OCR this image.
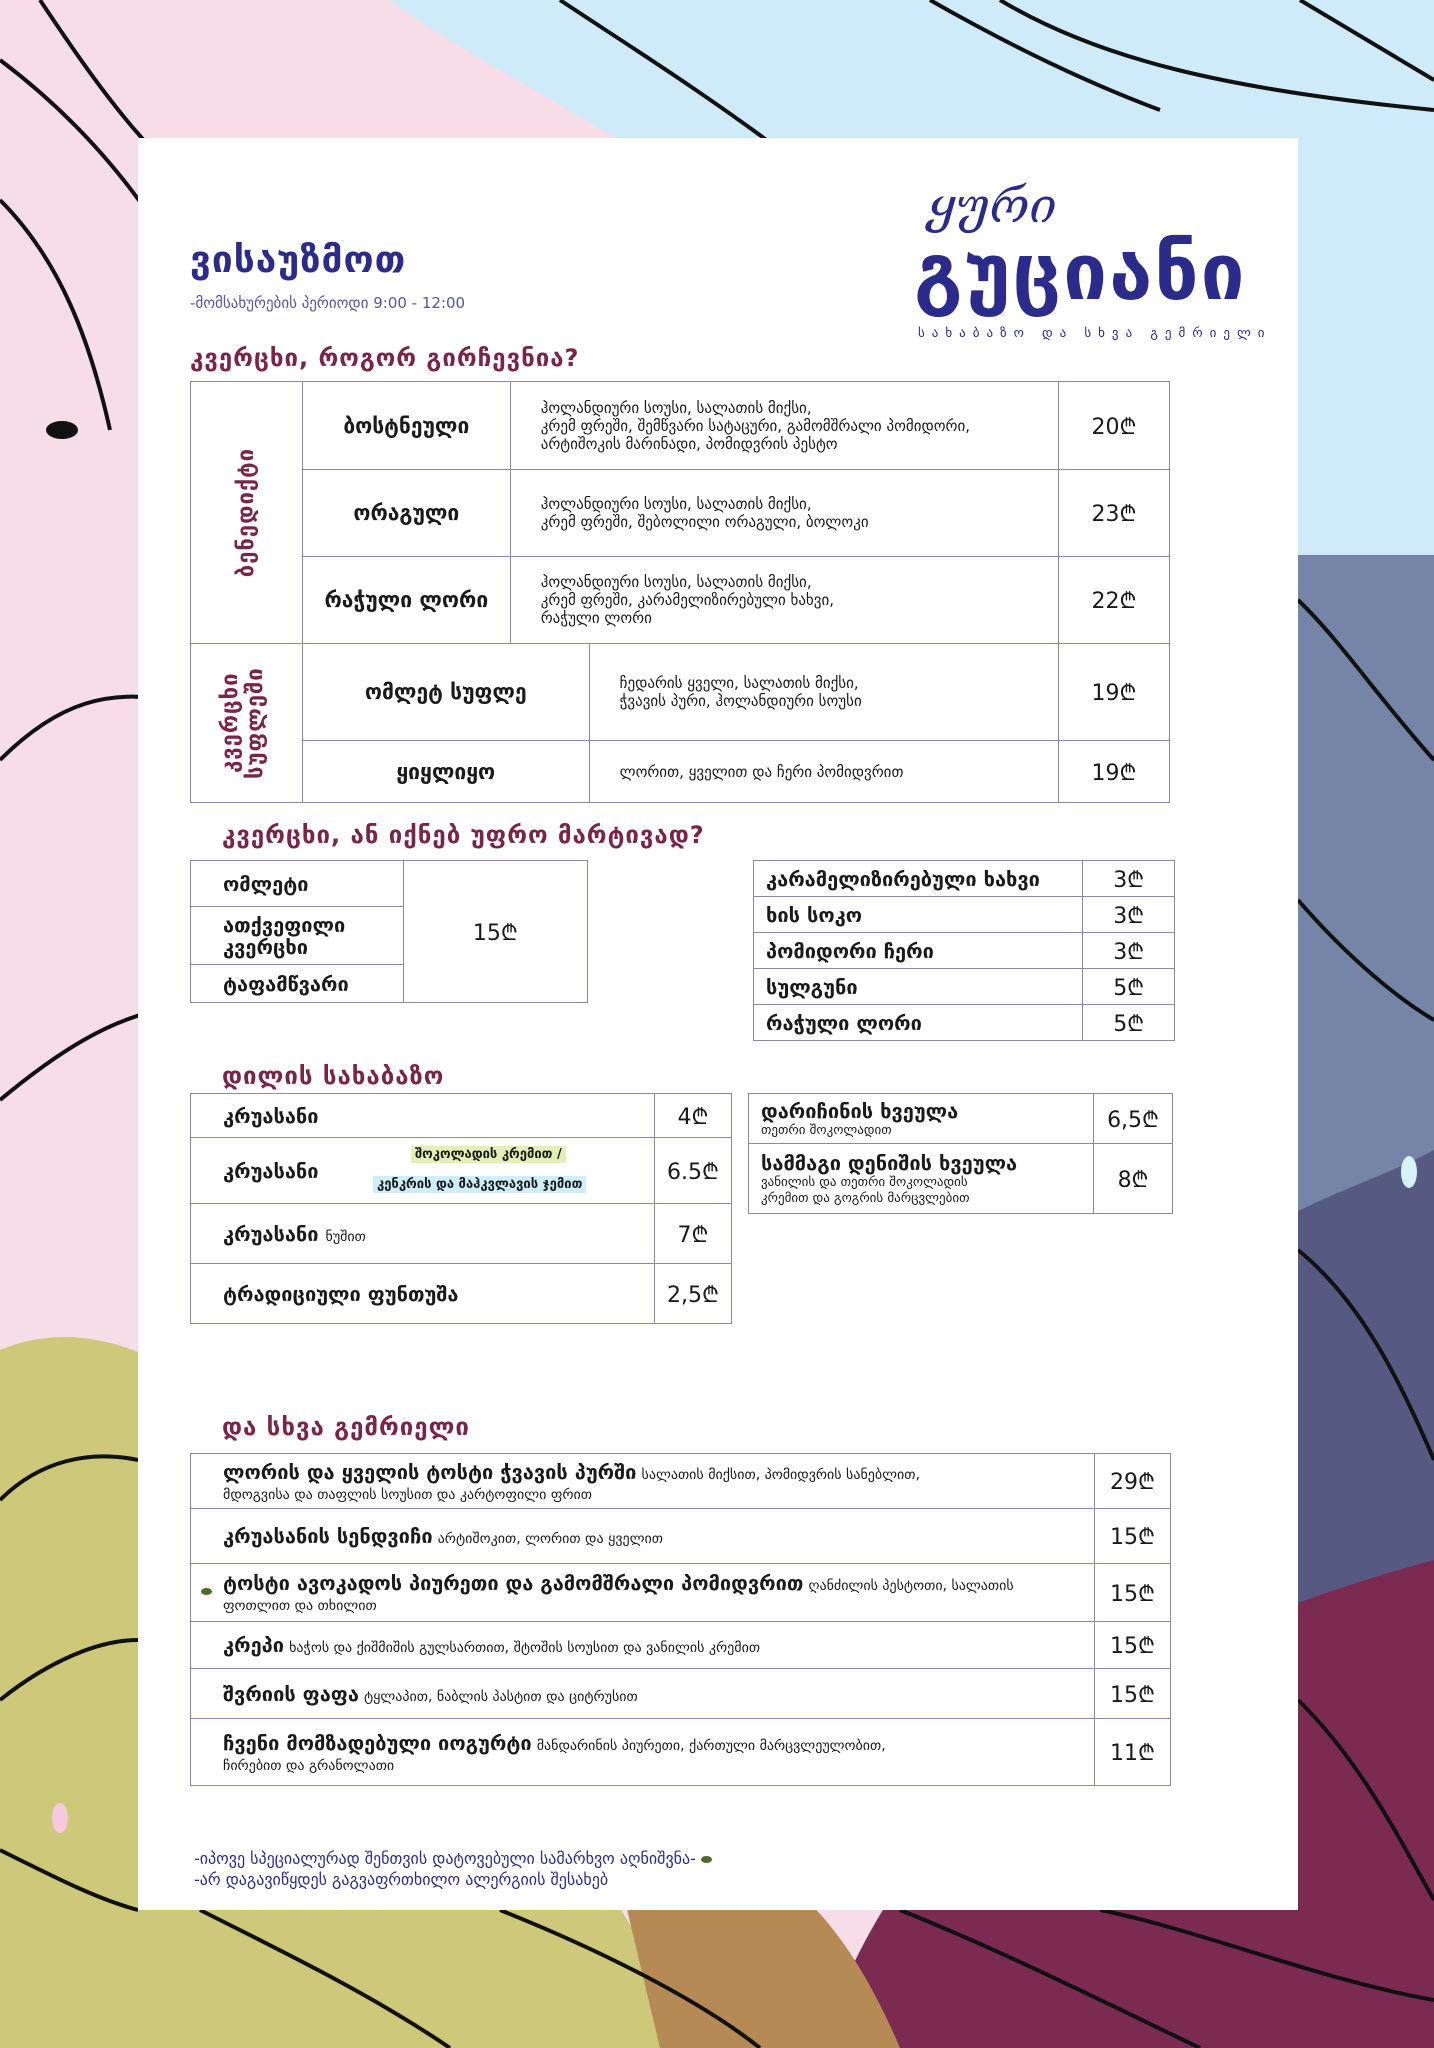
ვისაუზმოთ
-მომსახურების პერიოდი 9:00 - 12:00
ყური
გუციანი
სახაბაზო და სხვა გემრიელი
კვერცხი, როგორ გირჩევნია?
ბენედიქტი	ბოსტნეული	ჰოლანდიური სოუსი, სალათის მიქსი,
კრემ ფრეში, შემწვარი სატაცური, გამომშრალი პომიდორი,
არტიშოკის მარინადი, პომიდვრის პესტო		20₾
	ორაგული	ჰოლანდიური სოუსი, სალათის მიქსი,
კრემ ფრეში, შებოლილი ორაგული, ბოლოკი		23₾
	რაჭული ლორი	ჰოლანდიური სოუსი, სალათის მიქსი,
კრემ ფრეში, კარამელიზირებული ხახვი,
რაჭული ლორი		22₾

კვერცხი სუფლეში	ომლეტ სუფლე		ჩედარის ყველი, სალათის მიქსი,
ჭვავის პური, ჰოლანდიური სოუსი	19₾
	ყიყლიყო		ლორით, ყველით და ჩერი პომიდვრით	19₾
კვერცხი, ან იქნებ უფრო მარტივად?
ომლეტი	15₾

ათქვეფილი
კვერცხი

ტაფამწვარი
კარამელიზირებული ხახვი	3₾
ხის სოკო	3₾
პომიდორი ჩერი	3₾
სულგუნი	5₾
რაჭული ლორი	5₾
დილის სახაბაზო
კრუასანი	4₾
კრუასანი
შოკოლადის კრემით /
კენკრის და მაჰკვლავის ჯემით	6.5₾
კრუასანი ნუშით	7₾
ტრადიციული ფუნთუშა	2,5₾
დარიჩინის ხვეულა
თეთრი შოკოლადით	6,5₾

სამმაგი დენიშის ხვეულა
ვანილის და თეთრი შოკოლადის
კრემით და გოგრის მარცვლებით	8₾
და სხვა გემრიელი
ლორის და ყველის ტოსტი ჭვავის პურში სალათის მიქსით, პომიდვრის სანებლით,
მდოგვისა და თაფლის სოუსით და კარტოფილი ფრით	29₾
კრუასანის სენდვიჩი არტიშოკით, ლორით და ყველით	15₾

ტოსტი ავოკადოს პიურეთი და გამომშრალი პომიდვრით ღანძილის პესტოთი, სალათის
ფოთლით და თხილით	15₾
კრეპი ხაჭოს და ქიშმიშის გულსართით, შტოშის სოუსით და ვანილის კრემით	15₾
შვრიის ფაფა ტყლაპით, ნაბლის პასტით და ციტრუსით	15₾

ჩვენი მომზადებული იოგურტი მანდარინის პიურეთი, ქართული მარცვლეულობით,
ჩირებით და გრანოლათი	11₾
-იპოვე სპეციალურად შენთვის დატოვებული სამარხვო აღნიშვნა-
-არ დაგავიწყდეს გაგვაფრთხილო ალერგიის შესახებ
